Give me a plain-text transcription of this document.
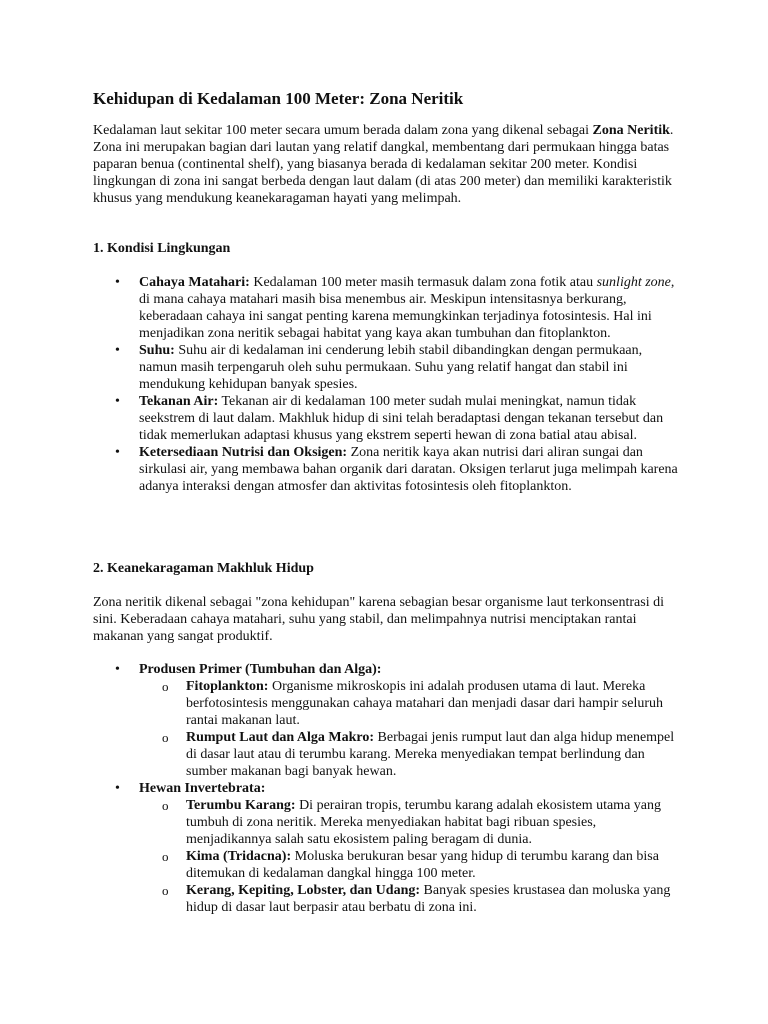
Kehidupan di Kedalaman 100 Meter: Zona Neritik

Kedalaman laut sekitar 100 meter secara umum berada dalam zona yang dikenal sebagai Zona Neritik. Zona ini merupakan bagian dari lautan yang relatif dangkal, membentang dari permukaan hingga batas paparan benua (continental shelf), yang biasanya berada di kedalaman sekitar 200 meter. Kondisi lingkungan di zona ini sangat berbeda dengan laut dalam (di atas 200 meter) dan memiliki karakteristik khusus yang mendukung keanekaragaman hayati yang melimpah.

1. Kondisi Lingkungan

• Cahaya Matahari: Kedalaman 100 meter masih termasuk dalam zona fotik atau sunlight zone, di mana cahaya matahari masih bisa menembus air. Meskipun intensitasnya berkurang, keberadaan cahaya ini sangat penting karena memungkinkan terjadinya fotosintesis. Hal ini menjadikan zona neritik sebagai habitat yang kaya akan tumbuhan dan fitoplankton.
• Suhu: Suhu air di kedalaman ini cenderung lebih stabil dibandingkan dengan permukaan, namun masih terpengaruh oleh suhu permukaan. Suhu yang relatif hangat dan stabil ini mendukung kehidupan banyak spesies.
• Tekanan Air: Tekanan air di kedalaman 100 meter sudah mulai meningkat, namun tidak seekstrem di laut dalam. Makhluk hidup di sini telah beradaptasi dengan tekanan tersebut dan tidak memerlukan adaptasi khusus yang ekstrem seperti hewan di zona batial atau abisal.
• Ketersediaan Nutrisi dan Oksigen: Zona neritik kaya akan nutrisi dari aliran sungai dan sirkulasi air, yang membawa bahan organik dari daratan. Oksigen terlarut juga melimpah karena adanya interaksi dengan atmosfer dan aktivitas fotosintesis oleh fitoplankton.

2. Keanekaragaman Makhluk Hidup

Zona neritik dikenal sebagai "zona kehidupan" karena sebagian besar organisme laut terkonsentrasi di sini. Keberadaan cahaya matahari, suhu yang stabil, dan melimpahnya nutrisi menciptakan rantai makanan yang sangat produktif.

• Produsen Primer (Tumbuhan dan Alga):
o Fitoplankton: Organisme mikroskopis ini adalah produsen utama di laut. Mereka berfotosintesis menggunakan cahaya matahari dan menjadi dasar dari hampir seluruh rantai makanan laut.
o Rumput Laut dan Alga Makro: Berbagai jenis rumput laut dan alga hidup menempel di dasar laut atau di terumbu karang. Mereka menyediakan tempat berlindung dan sumber makanan bagi banyak hewan.
• Hewan Invertebrata:
o Terumbu Karang: Di perairan tropis, terumbu karang adalah ekosistem utama yang tumbuh di zona neritik. Mereka menyediakan habitat bagi ribuan spesies, menjadikannya salah satu ekosistem paling beragam di dunia.
o Kima (Tridacna): Moluska berukuran besar yang hidup di terumbu karang dan bisa ditemukan di kedalaman dangkal hingga 100 meter.
o Kerang, Kepiting, Lobster, dan Udang: Banyak spesies krustasea dan moluska yang hidup di dasar laut berpasir atau berbatu di zona ini.
